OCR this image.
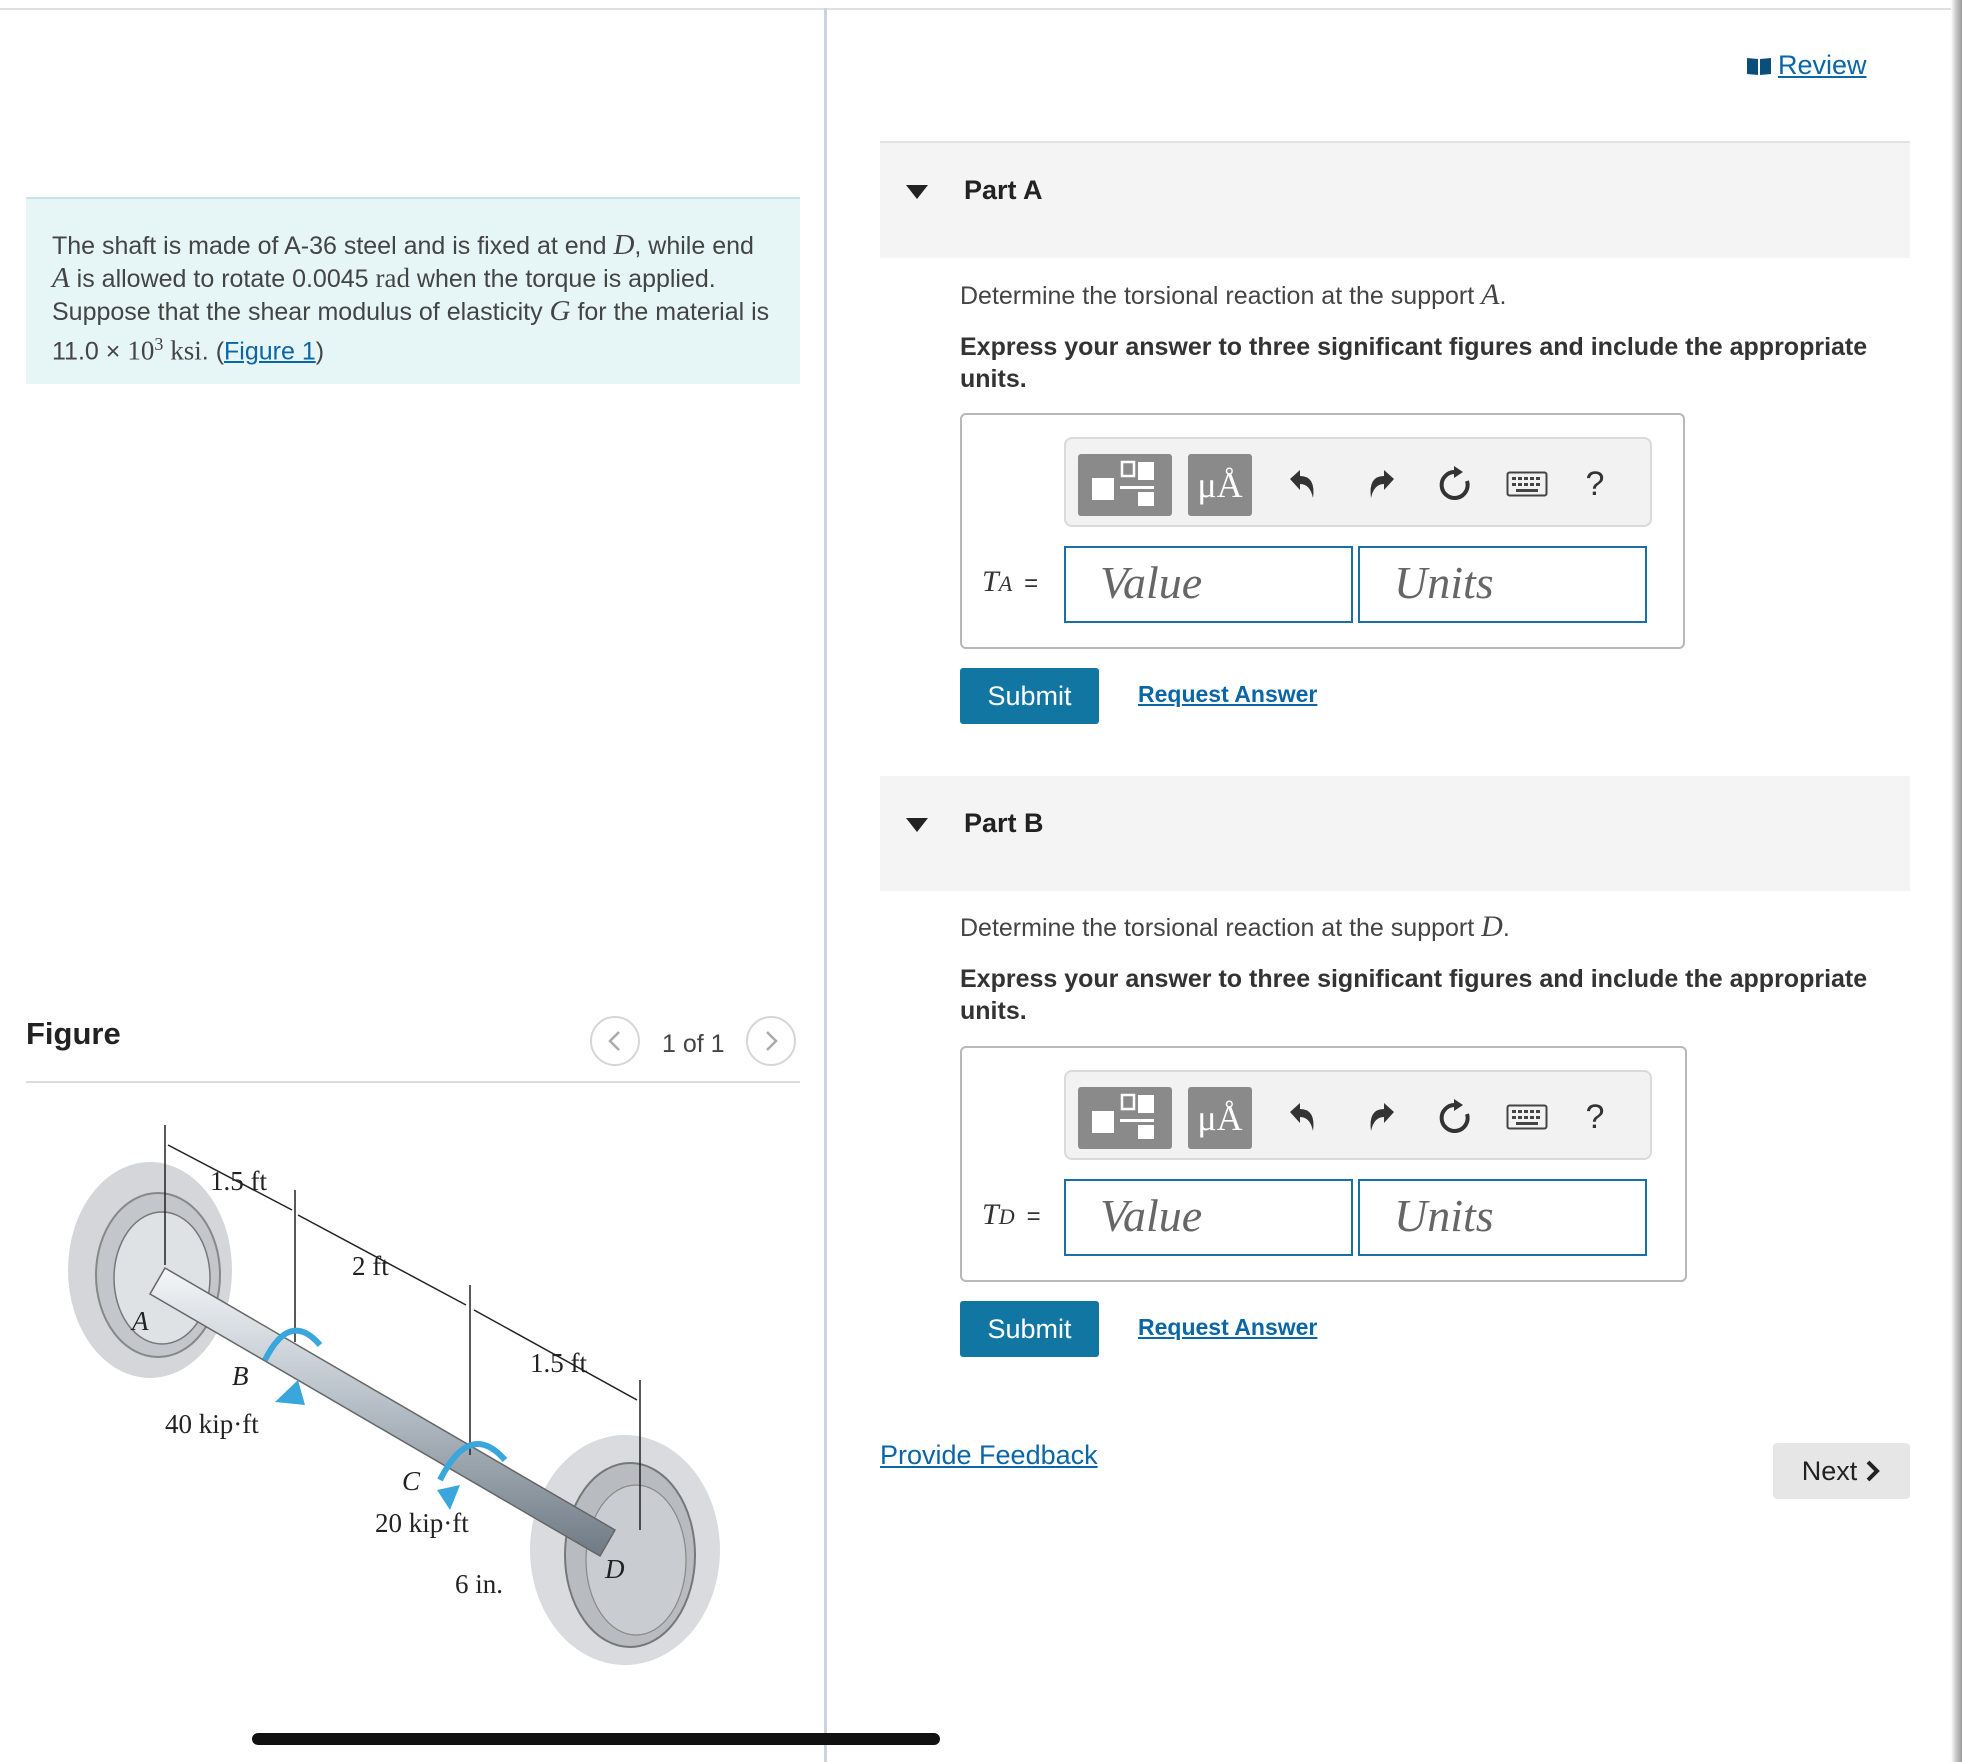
The shaft is made of A-36 steel and is fixed at end D, while end A is allowed to rotate 0.0045 rad when the torque is applied. Suppose that the shear modulus of elasticity G for the material is $11.0 \times 10^3$ ksi. (Figure 1)
Figure	1 of 1
1.5 ft
2 ft
1.5 ft
40 kip·ft
20 kip·ft
6 in.
A
B
C
D
Review
Part A
Determine the torsional reaction at the support A.
Express your answer to three significant figures and include the appropriate units.
μÅ	?
TA =	Value	Units
Submit	Request Answer
Part B
Determine the torsional reaction at the support D.
Express your answer to three significant figures and include the appropriate units.
μÅ	?
TD =	Value	Units
Submit	Request Answer
Provide Feedback
Next
